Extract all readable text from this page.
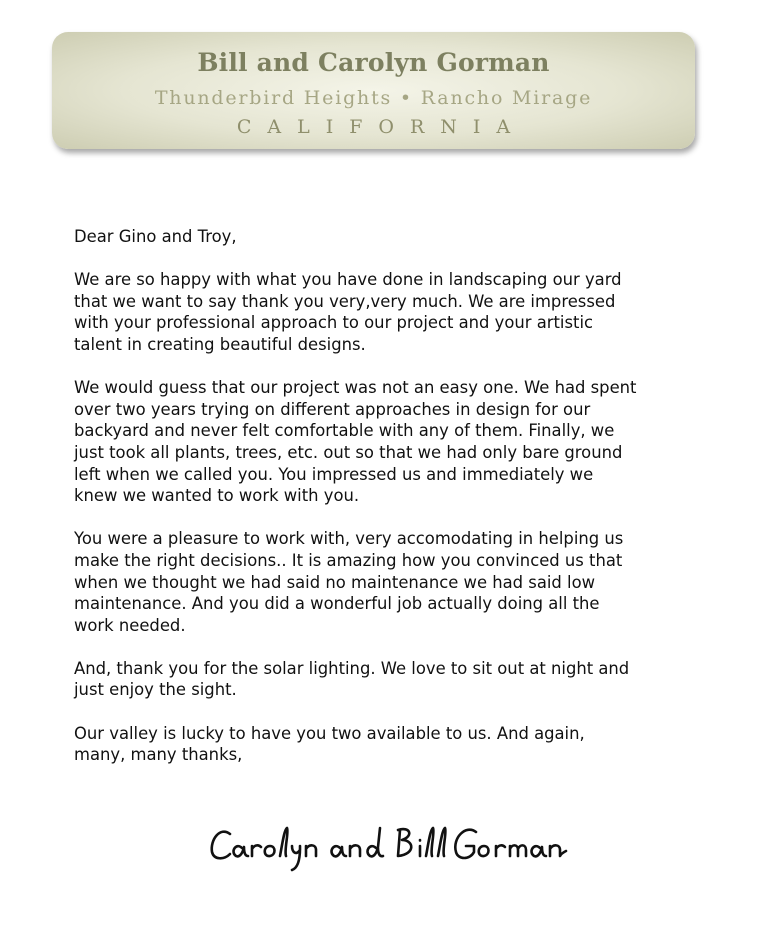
Bill and Carolyn Gorman
Thunderbird Heights • Rancho Mirage
CALIFORNIA

Dear Gino and Troy,

We are so happy with what you have done in landscaping our yard
that we want to say thank you very,very much. We are impressed
with your professional approach to our project and your artistic
talent in creating beautiful designs.

We would guess that our project was not an easy one. We had spent
over two years trying on different approaches in design for our
backyard and never felt comfortable with any of them. Finally, we
just took all plants, trees, etc. out so that we had only bare ground
left when we called you. You impressed us and immediately we
knew we wanted to work with you.

You were a pleasure to work with, very accomodating in helping us
make the right decisions.. It is amazing how you convinced us that
when we thought we had said no maintenance we had said low
maintenance. And you did a wonderful job actually doing all the
work needed.

And, thank you for the solar lighting. We love to sit out at night and
just enjoy the sight.

Our valley is lucky to have you two available to us. And again,
many, many thanks,
